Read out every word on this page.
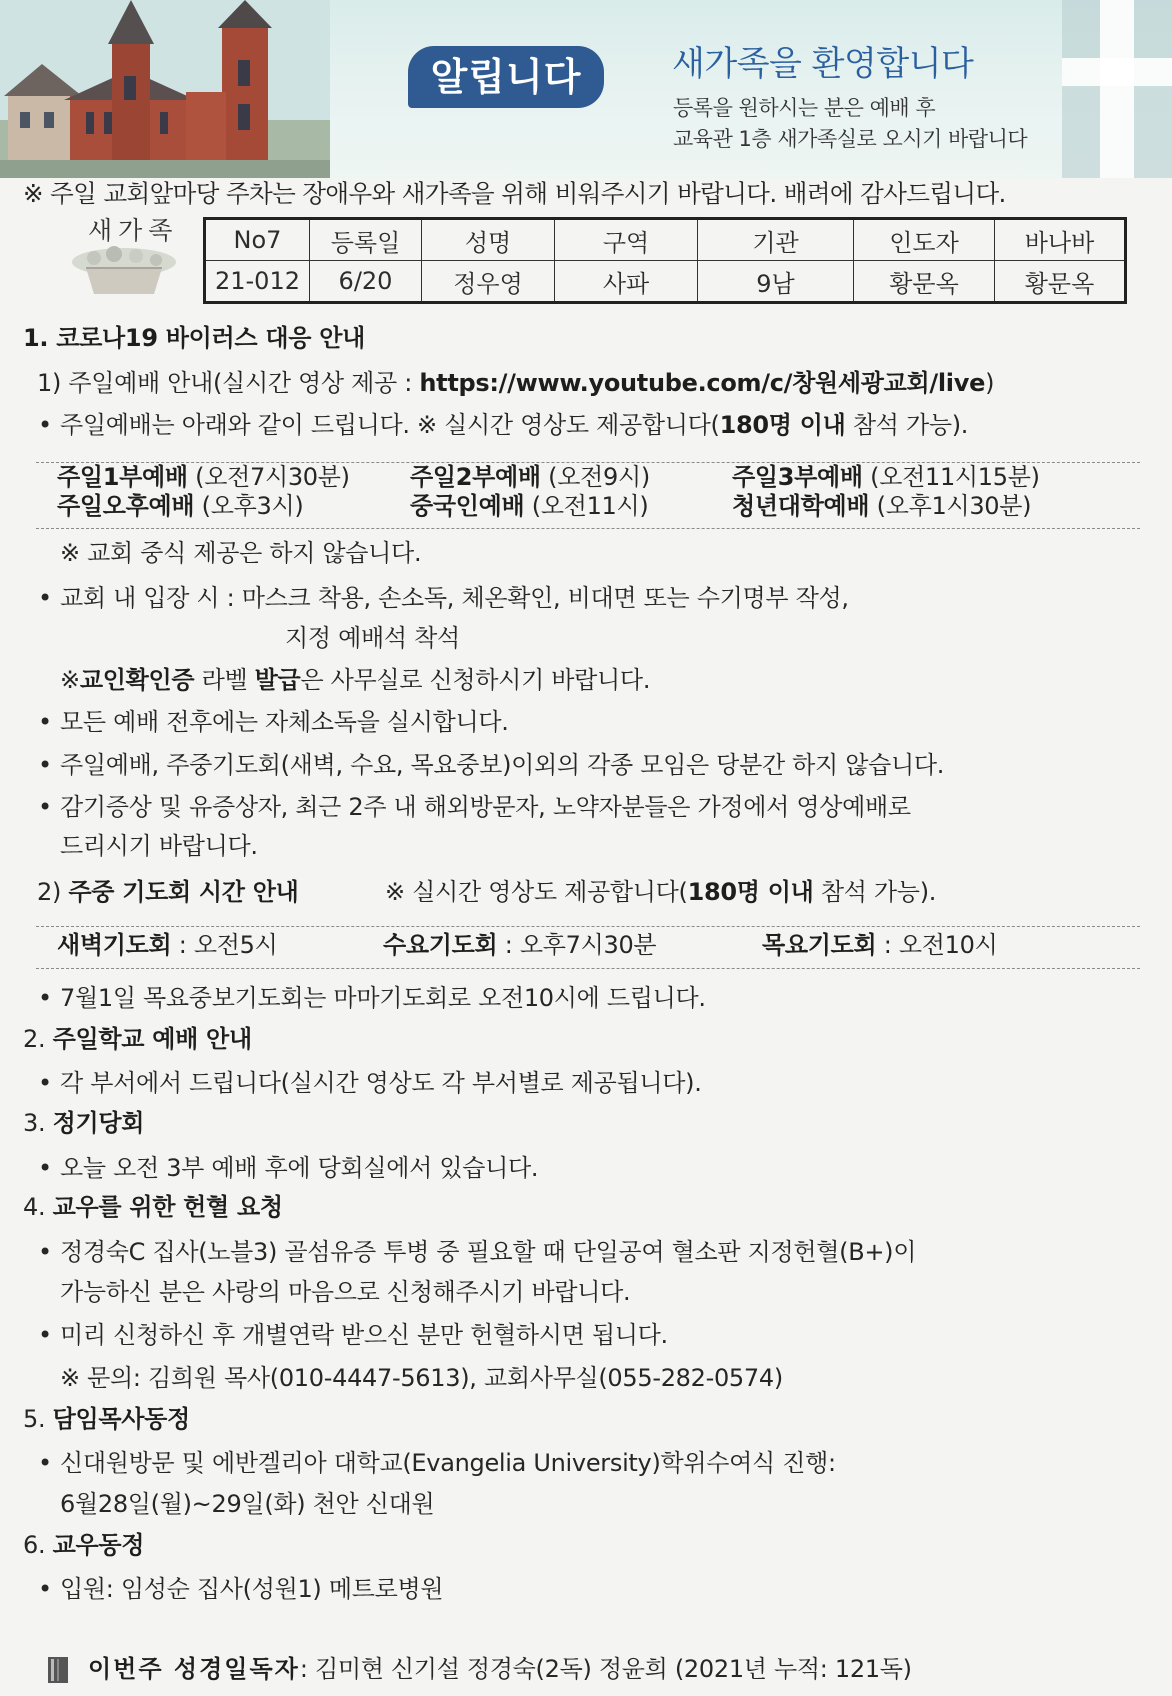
알립니다	새가족을 환영합니다
등록을 원하시는 분은 예배 후
교육관 1층 새가족실로 오시기 바랍니다
※ 주일 교회앞마당 주차는 장애우와 새가족을 위해 비워주시기 바랍니다. 배려에 감사드립니다.
새가족 No7	등록일	성명	구역	기관	인도자	바나바
21-012	6/20	정우영	사파	9남	황문옥	황문옥
1. 코로나19 바이러스 대응 안내
1) 주일예배 안내(실시간 영상 제공 : https://www.youtube.com/c/창원세광교회/live)
• 주일예배는 아래와 같이 드립니다. ※ 실시간 영상도 제공합니다(180명 이내 참석 가능).
주일1부예배 (오전7시30분)	주일2부예배 (오전9시)	주일3부예배 (오전11시15분)
주일오후예배 (오후3시)	중국인예배 (오전11시)	청년대학예배 (오후1시30분)
※ 교회 중식 제공은 하지 않습니다.
• 교회 내 입장 시 : 마스크 착용, 손소독, 체온확인, 비대면 또는 수기명부 작성,
지정 예배석 착석
※교인확인증 라벨 발급은 사무실로 신청하시기 바랍니다.
• 모든 예배 전후에는 자체소독을 실시합니다.
• 주일예배, 주중기도회(새벽, 수요, 목요중보)이외의 각종 모임은 당분간 하지 않습니다.
• 감기증상 및 유증상자, 최근 2주 내 해외방문자, 노약자분들은 가정에서 영상예배로
드리시기 바랍니다.
2) 주중 기도회 시간 안내	※ 실시간 영상도 제공합니다(180명 이내 참석 가능).
새벽기도회 : 오전5시	수요기도회 : 오후7시30분	목요기도회 : 오전10시
• 7월1일 목요중보기도회는 마마기도회로 오전10시에 드립니다.
2. 주일학교 예배 안내
• 각 부서에서 드립니다(실시간 영상도 각 부서별로 제공됩니다).
3. 정기당회
• 오늘 오전 3부 예배 후에 당회실에서 있습니다.
4. 교우를 위한 헌혈 요청
• 정경숙C 집사(노블3) 골섬유증 투병 중 필요할 때 단일공여 혈소판 지정헌혈(B+)이
가능하신 분은 사랑의 마음으로 신청해주시기 바랍니다.
• 미리 신청하신 후 개별연락 받으신 분만 헌혈하시면 됩니다.
※ 문의: 김희원 목사(010-4447-5613), 교회사무실(055-282-0574)
5. 담임목사동정
• 신대원방문 및 에반겔리아 대학교(Evangelia University)학위수여식 진행:
6월28일(월)~29일(화) 천안 신대원
6. 교우동정
• 입원: 임성순 집사(성원1) 메트로병원
이번주 성경일독자: 김미현 신기설 정경숙(2독) 정윤희 (2021년 누적: 121독)
